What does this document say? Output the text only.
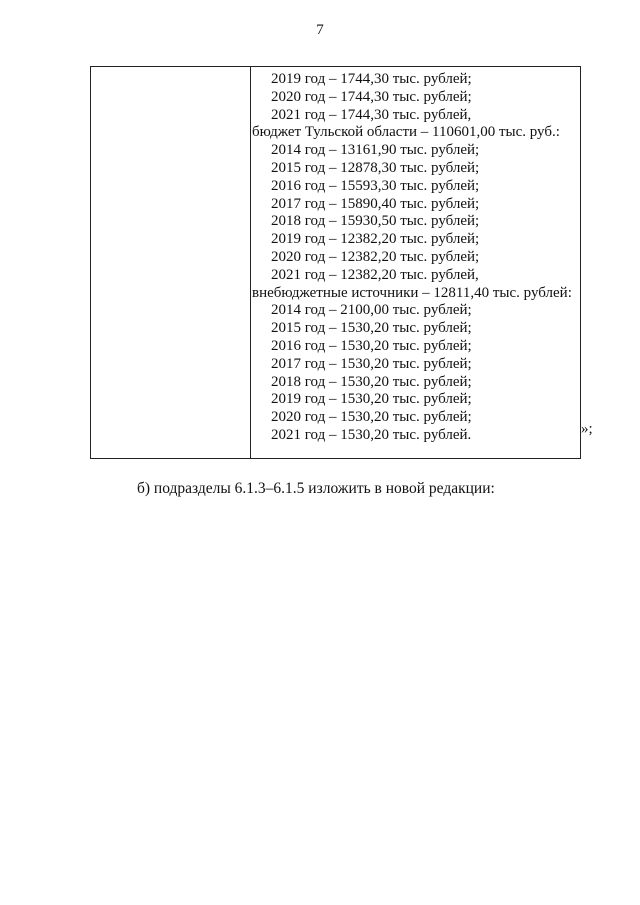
7
2019 год – 1744,30 тыс. рублей;
2020 год – 1744,30 тыс. рублей;
2021 год – 1744,30 тыс. рублей,
бюджет Тульской области – 110601,00 тыс. руб.:
2014 год – 13161,90 тыс. рублей;
2015 год – 12878,30 тыс. рублей;
2016 год – 15593,30 тыс. рублей;
2017 год – 15890,40 тыс. рублей;
2018 год – 15930,50 тыс. рублей;
2019 год – 12382,20 тыс. рублей;
2020 год – 12382,20 тыс. рублей;
2021 год – 12382,20 тыс. рублей,
внебюджетные источники – 12811,40 тыс. рублей:
2014 год – 2100,00 тыс. рублей;
2015 год – 1530,20 тыс. рублей;
2016 год – 1530,20 тыс. рублей;
2017 год – 1530,20 тыс. рублей;
2018 год – 1530,20 тыс. рублей;
2019 год – 1530,20 тыс. рублей;
2020 год – 1530,20 тыс. рублей;
2021 год – 1530,20 тыс. рублей.	»;
б) подразделы 6.1.3–6.1.5 изложить в новой редакции:
